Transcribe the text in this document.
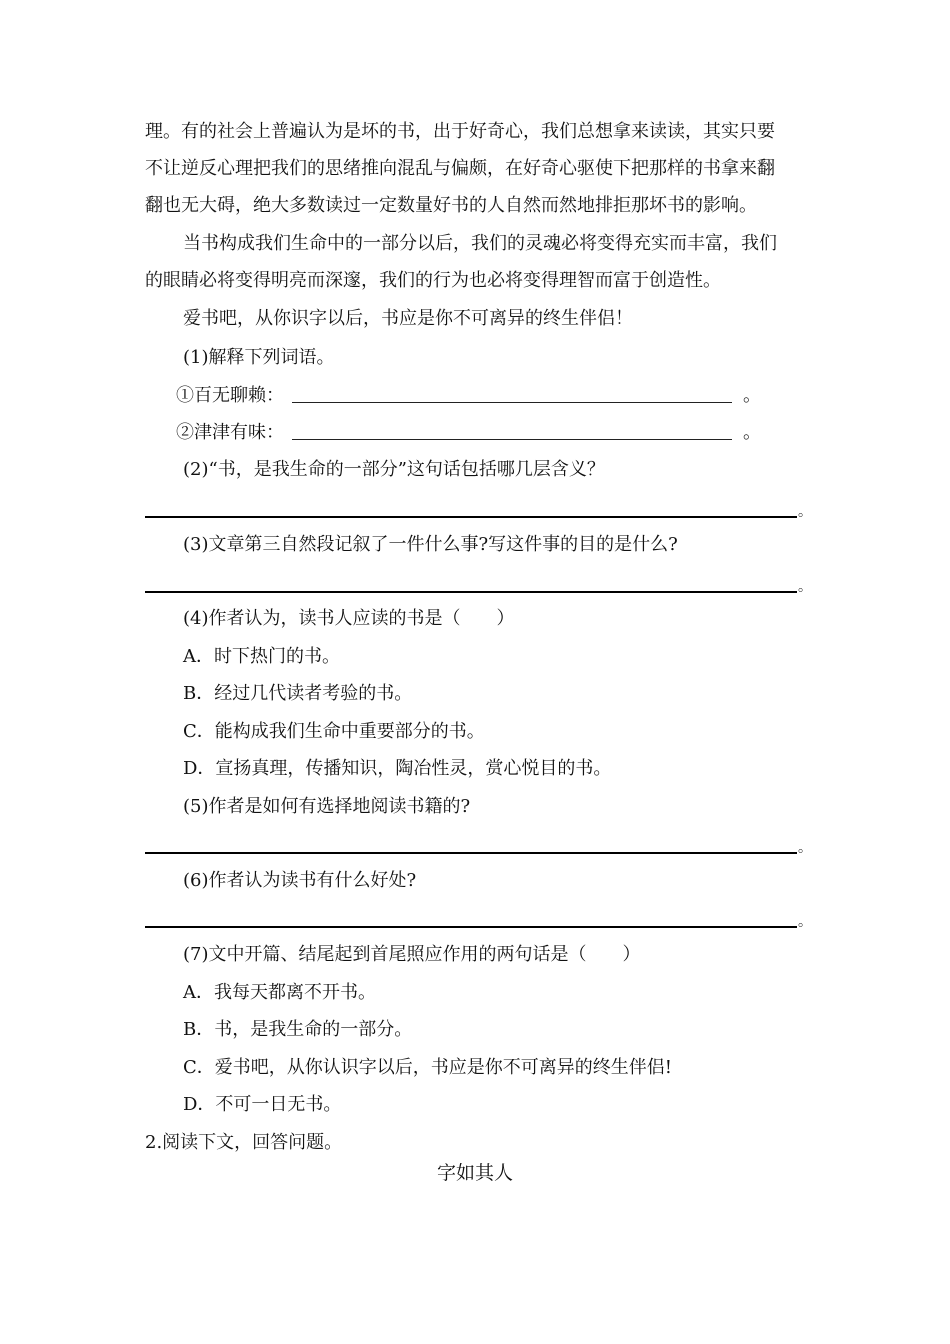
理。有的社会上普遍认为是坏的书，出于好奇心，我们总想拿来读读，其实只要
不让逆反心理把我们的思绪推向混乱与偏颇，在好奇心驱使下把那样的书拿来翻
翻也无大碍，绝大多数读过一定数量好书的人自然而然地排拒那坏书的影响。
当书构成我们生命中的一部分以后，我们的灵魂必将变得充实而丰富，我们
的眼睛必将变得明亮而深邃，我们的行为也必将变得理智而富于创造性。
爱书吧，从你识字以后，书应是你不可离异的终生伴侣！
(1)解释下列词语。
①百无聊赖：	。
②津津有味：	。
(2)“书，是我生命的一部分”这句话包括哪几层含义？
。
(3)文章第三自然段记叙了一件什么事?写这件事的目的是什么?
。
(4)作者认为，读书人应读的书是（　　）
A．时下热门的书。
B．经过几代读者考验的书。
C．能构成我们生命中重要部分的书。
D．宣扬真理，传播知识，陶冶性灵，赏心悦目的书。
(5)作者是如何有选择地阅读书籍的?
。
(6)作者认为读书有什么好处?
。
(7)文中开篇、结尾起到首尾照应作用的两句话是（　　）
A．我每天都离不开书。
B．书，是我生命的一部分。
C．爱书吧，从你认识字以后，书应是你不可离异的终生伴侣!
D．不可一日无书。
2.阅读下文，回答问题。
字如其人
